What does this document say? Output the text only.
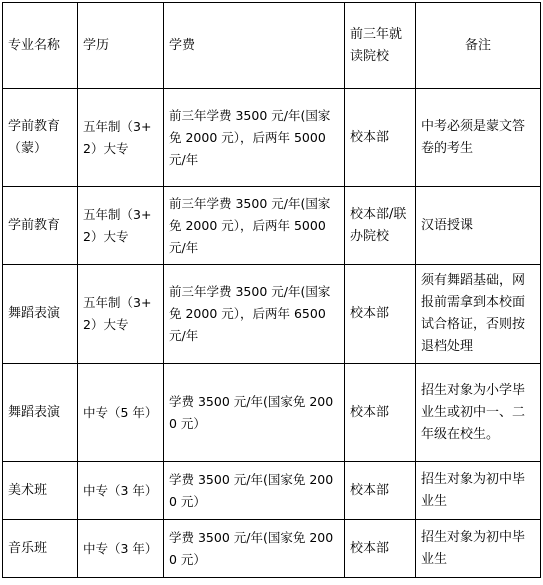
专业名称	学历	学费	前三年就读院校	备注
学前教育（蒙）	五年制（3+2）大专	前三年学费 3500 元/年(国家免 2000 元），后两年 5000 元/年	校本部	中考必须是蒙文答卷的考生
学前教育	五年制（3+2）大专	前三年学费 3500 元/年(国家免 2000 元），后两年 5000 元/年	校本部/联办院校	汉语授课
舞蹈表演	五年制（3+2）大专	前三年学费 3500 元/年(国家免 2000 元），后两年 6500 元/年	校本部	须有舞蹈基础，网报前需拿到本校面试合格证，否则按退档处理
舞蹈表演	中专（5 年）	学费 3500 元/年(国家免 2000 元）	校本部	招生对象为小学毕业生或初中一、二年级在校生。
美术班	中专（3 年）	学费 3500 元/年(国家免 2000 元）	校本部	招生对象为初中毕业生
音乐班	中专（3 年）	学费 3500 元/年(国家免 2000 元）	校本部	招生对象为初中毕业生
